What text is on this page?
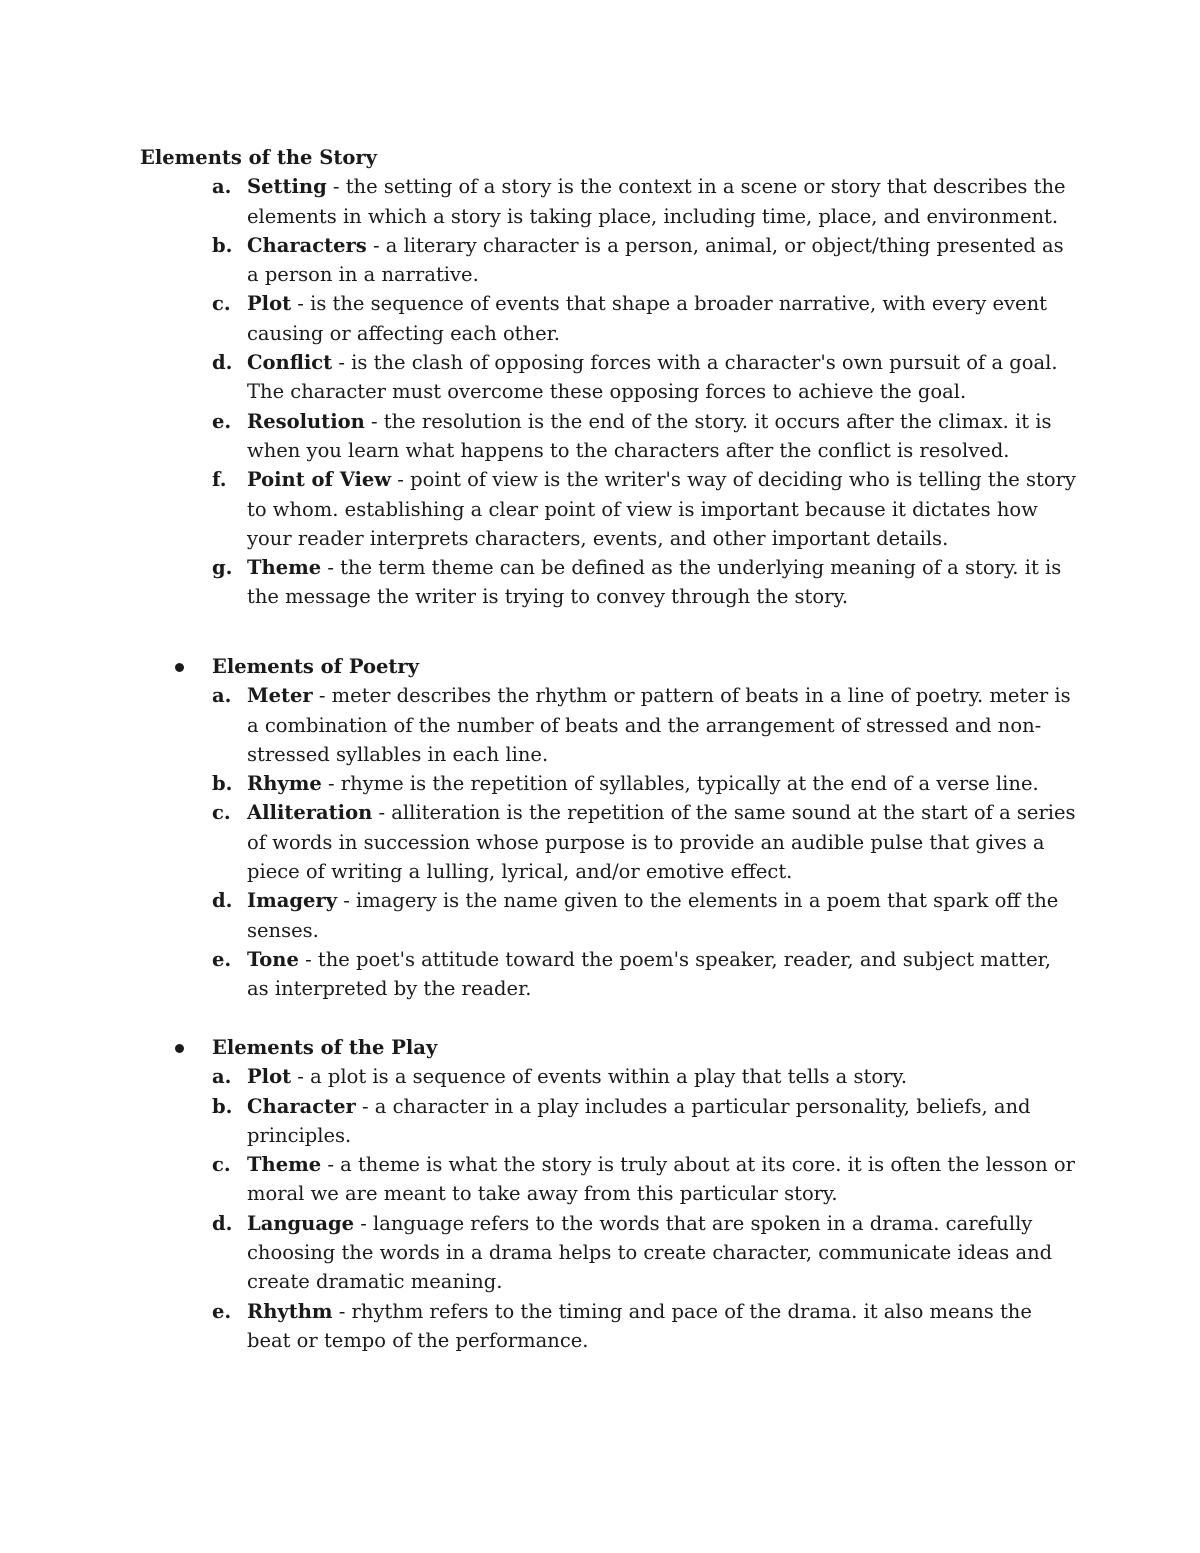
Elements of the Story
a. Setting - the setting of a story is the context in a scene or story that describes the elements in which a story is taking place, including time, place, and environment.
b. Characters - a literary character is a person, animal, or object/thing presented as a person in a narrative.
c. Plot - is the sequence of events that shape a broader narrative, with every event causing or affecting each other.
d. Conflict - is the clash of opposing forces with a character's own pursuit of a goal. The character must overcome these opposing forces to achieve the goal.
e. Resolution - the resolution is the end of the story. it occurs after the climax. it is when you learn what happens to the characters after the conflict is resolved.
f. Point of View - point of view is the writer's way of deciding who is telling the story to whom. establishing a clear point of view is important because it dictates how your reader interprets characters, events, and other important details.
g. Theme - the term theme can be defined as the underlying meaning of a story. it is the message the writer is trying to convey through the story.
Elements of Poetry
a. Meter - meter describes the rhythm or pattern of beats in a line of poetry. meter is a combination of the number of beats and the arrangement of stressed and non-stressed syllables in each line.
b. Rhyme - rhyme is the repetition of syllables, typically at the end of a verse line.
c. Alliteration - alliteration is the repetition of the same sound at the start of a series of words in succession whose purpose is to provide an audible pulse that gives a piece of writing a lulling, lyrical, and/or emotive effect.
d. Imagery - imagery is the name given to the elements in a poem that spark off the senses.
e. Tone - the poet's attitude toward the poem's speaker, reader, and subject matter, as interpreted by the reader.
Elements of the Play
a. Plot - a plot is a sequence of events within a play that tells a story.
b. Character - a character in a play includes a particular personality, beliefs, and principles.
c. Theme - a theme is what the story is truly about at its core. it is often the lesson or moral we are meant to take away from this particular story.
d. Language - language refers to the words that are spoken in a drama. carefully choosing the words in a drama helps to create character, communicate ideas and create dramatic meaning.
e. Rhythm - rhythm refers to the timing and pace of the drama. it also means the beat or tempo of the performance.
